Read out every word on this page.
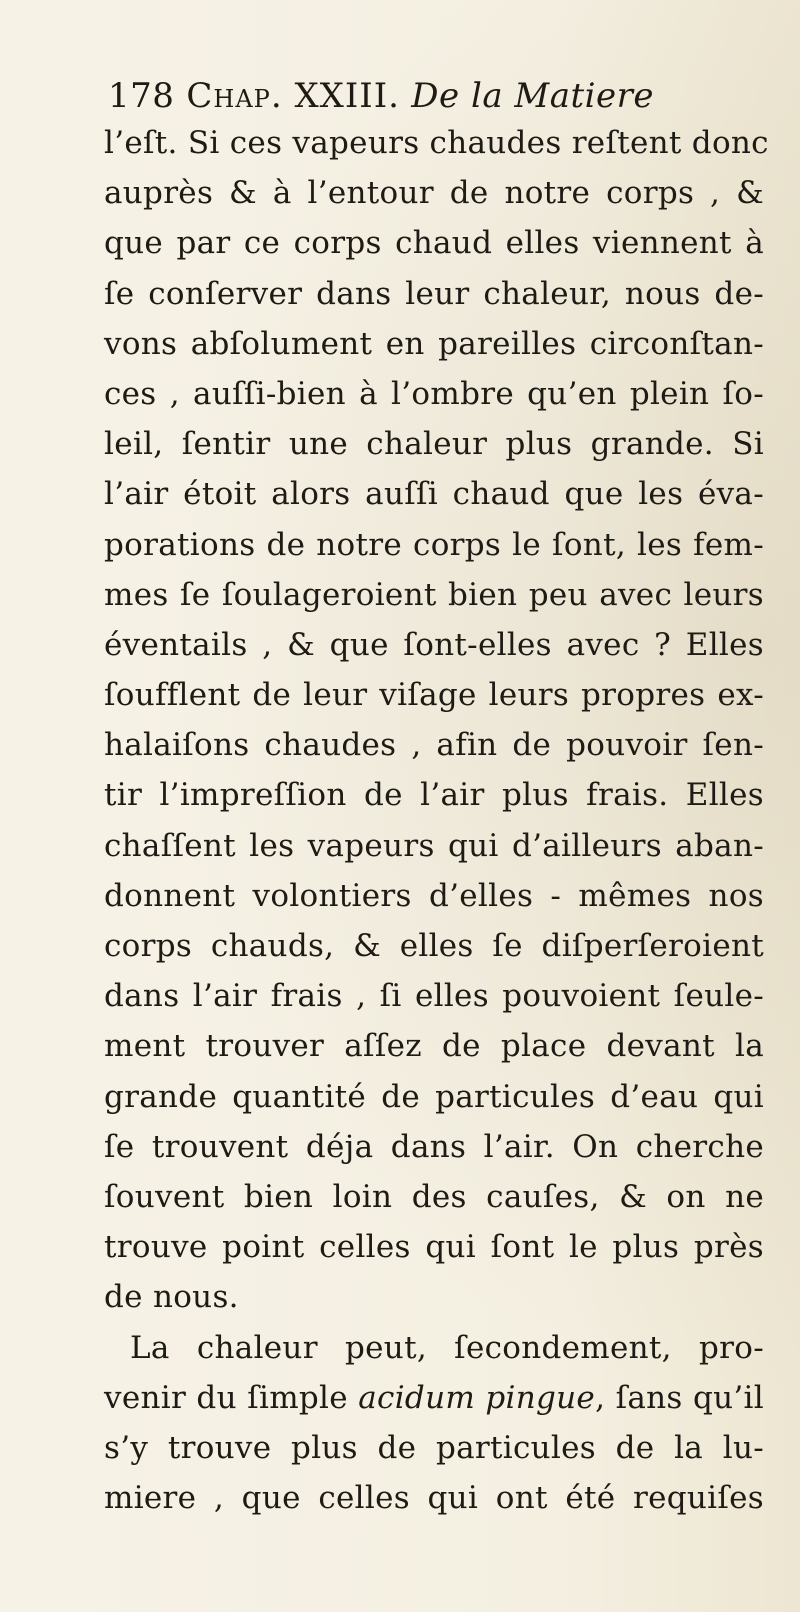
178 Chap. XXIII. De la Matiere
l’eſt. Si ces vapeurs chaudes reſtent donc
auprès & à l’entour de notre corps , &
que par ce corps chaud elles viennent à
ſe conſerver dans leur chaleur, nous de-
vons abſolument en pareilles circonſtan-
ces , auſſi-bien à l’ombre qu’en plein ſo-
leil, ſentir une chaleur plus grande. Si
l’air étoit alors auſſi chaud que les éva-
porations de notre corps le ſont, les fem-
mes ſe ſoulageroient bien peu avec leurs
éventails , & que ſont-elles avec ? Elles
ſoufflent de leur viſage leurs propres ex-
halaiſons chaudes , afin de pouvoir ſen-
tir l’impreſſion de l’air plus frais. Elles
chaſſent les vapeurs qui d’ailleurs aban-
donnent volontiers d’elles - mêmes nos
corps chauds, & elles ſe diſperſeroient
dans l’air frais , ſi elles pouvoient ſeule-
ment trouver aſſez de place devant la
grande quantité de particules d’eau qui
ſe trouvent déja dans l’air. On cherche
ſouvent bien loin des cauſes, & on ne
trouve point celles qui ſont le plus près
de nous.
La chaleur peut, ſecondement, pro-
venir du ſimple acidum pingue, ſans qu’il
s’y trouve plus de particules de la lu-
miere , que celles qui ont été requiſes
